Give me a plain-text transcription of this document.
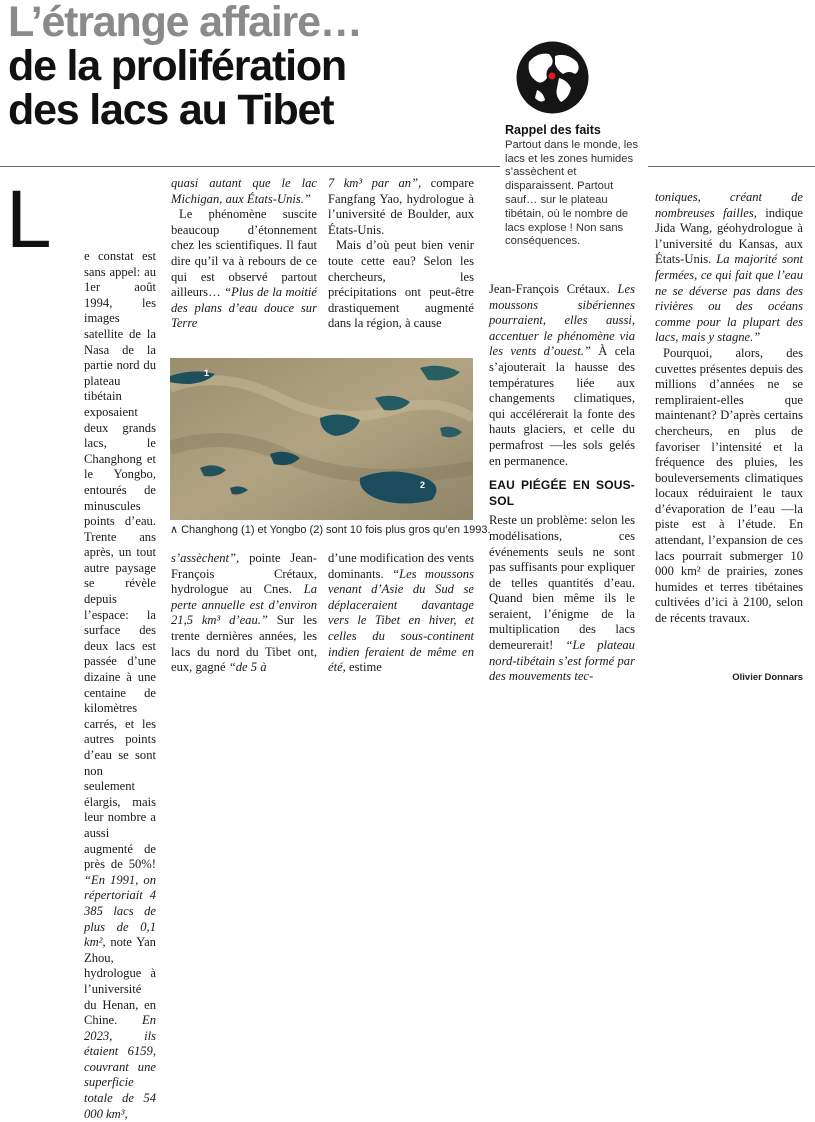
L’étrange affaire…
de la prolifération
des lacs au Tibet	Rappel des faits
Partout dans le monde, les lacs et les zones humides s’assèchent et disparaissent. Partout sauf… sur le plateau tibétain, où le nombre de lacs explose ! Non sans conséquences.
L	e constat est sans appel: au 1er août 1994, les images satellite de la Nasa de la partie nord du plateau tibétain exposaient deux grands lacs, le Changhong et le Yongbo, entourés de minuscules points d’eau. Trente ans après, un tout autre paysage se révèle depuis l’espace: la surface des deux lacs est passée d’une dizaine à une centaine de kilomètres carrés, et les autres points d’eau se sont non seulement élargis, mais leur nombre a aussi augmenté de près de 50%! “En 1991, on répertoriait 4 385 lacs de plus de 0,1 km², note Yan Zhou, hydrologue à l’université du Henan, en Chine. En 2023, ils étaient 6159, couvrant une superficie totale de 54 000 km³,

quasi autant que le lac Michigan, aux États-Unis.”

Le phénomène suscite beaucoup d’étonnement chez les scientifiques. Il faut dire qu’il va à rebours de ce qui est observé partout ailleurs… “Plus de la moitié des plans d’eau douce sur Terre

7 km³ par an”, compare Fangfang Yao, hydrologue à l’université de Boulder, aux États-Unis.

Mais d’où peut bien venir toute cette eau? Selon les chercheurs, les précipitations ont peut-être drastiquement augmenté dans la région, à cause

1
2
∧ Changhong (1) et Yongbo (2) sont 10 fois plus gros qu’en 1993.

s’assèchent”, pointe Jean-François Crétaux, hydrologue au Cnes. La perte annuelle est d’environ 21,5 km³ d’eau.” Sur les trente dernières années, les lacs du nord du Tibet ont, eux, gagné “de 5 à

d’une modification des vents dominants. “Les moussons venant d’Asie du Sud se déplaceraient davantage vers le Tibet en hiver, et celles du sous-continent indien feraient de même en été, estime

Jean-François Crétaux. Les moussons sibériennes pourraient, elles aussi, accentuer le phénomène via les vents d’ouest.” À cela s’ajouterait la hausse des températures liée aux changements climatiques, qui accélérerait la fonte des hauts glaciers, et celle du permafrost —les sols gelés en permanence.

EAU PIÉGÉE EN SOUS-SOL

Reste un problème: selon les modélisations, ces événements seuls ne sont pas suffisants pour expliquer de telles quantités d’eau. Quand bien même ils le seraient, l’énigme de la multiplication des lacs demeurerait! “Le plateau nord-tibétain s’est formé par des mouvements tec-

toniques, créant de nombreuses failles, indique Jida Wang, géohydrologue à l’université du Kansas, aux États-Unis. La majorité sont fermées, ce qui fait que l’eau ne se déverse pas dans des rivières ou des océans comme pour la plupart des lacs, mais y stagne.”

Pourquoi, alors, des cuvettes présentes depuis des millions d’années ne se rempliraient-elles que maintenant? D’après certains chercheurs, en plus de favoriser l’intensité et la fréquence des pluies, les bouleversements climatiques locaux réduiraient le taux d’évaporation de l’eau —la piste est à l’étude. En attendant, l’expansion de ces lacs pourrait submerger 10 000 km² de prairies, zones humides et terres tibétaines cultivées d’ici à 2100, selon de récents travaux.

Olivier Donnars
